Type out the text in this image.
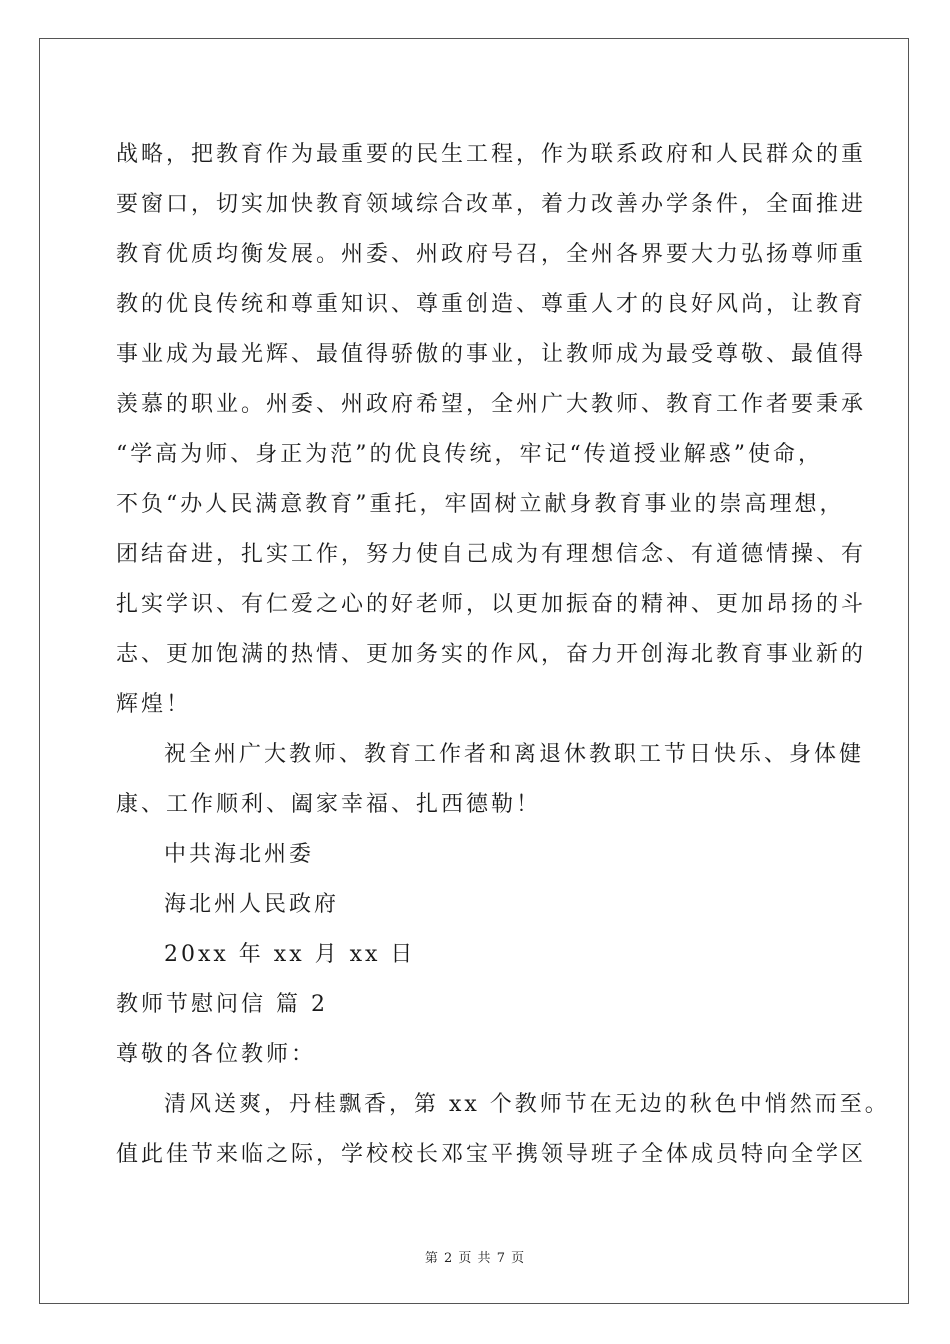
战略，把教育作为最重要的民生工程，作为联系政府和人民群众的重
要窗口，切实加快教育领域综合改革，着力改善办学条件，全面推进
教育优质均衡发展。州委、州政府号召，全州各界要大力弘扬尊师重
教的优良传统和尊重知识、尊重创造、尊重人才的良好风尚，让教育
事业成为最光辉、最值得骄傲的事业，让教师成为最受尊敬、最值得
羡慕的职业。州委、州政府希望，全州广大教师、教育工作者要秉承
“学高为师、身正为范”的优良传统，牢记“传道授业解惑”使命，
不负“办人民满意教育”重托，牢固树立献身教育事业的崇高理想，
团结奋进，扎实工作，努力使自己成为有理想信念、有道德情操、有
扎实学识、有仁爱之心的好老师，以更加振奋的精神、更加昂扬的斗
志、更加饱满的热情、更加务实的作风，奋力开创海北教育事业新的
辉煌！
祝全州广大教师、教育工作者和离退休教职工节日快乐、身体健
康、工作顺利、阖家幸福、扎西德勒！
中共海北州委
海北州人民政府
20xx 年 xx 月 xx 日
教师节慰问信 篇 2
尊敬的各位教师：
清风送爽，丹桂飘香，第 xx 个教师节在无边的秋色中悄然而至。
值此佳节来临之际，学校校长邓宝平携领导班子全体成员特向全学区
第 2 页 共 7 页
